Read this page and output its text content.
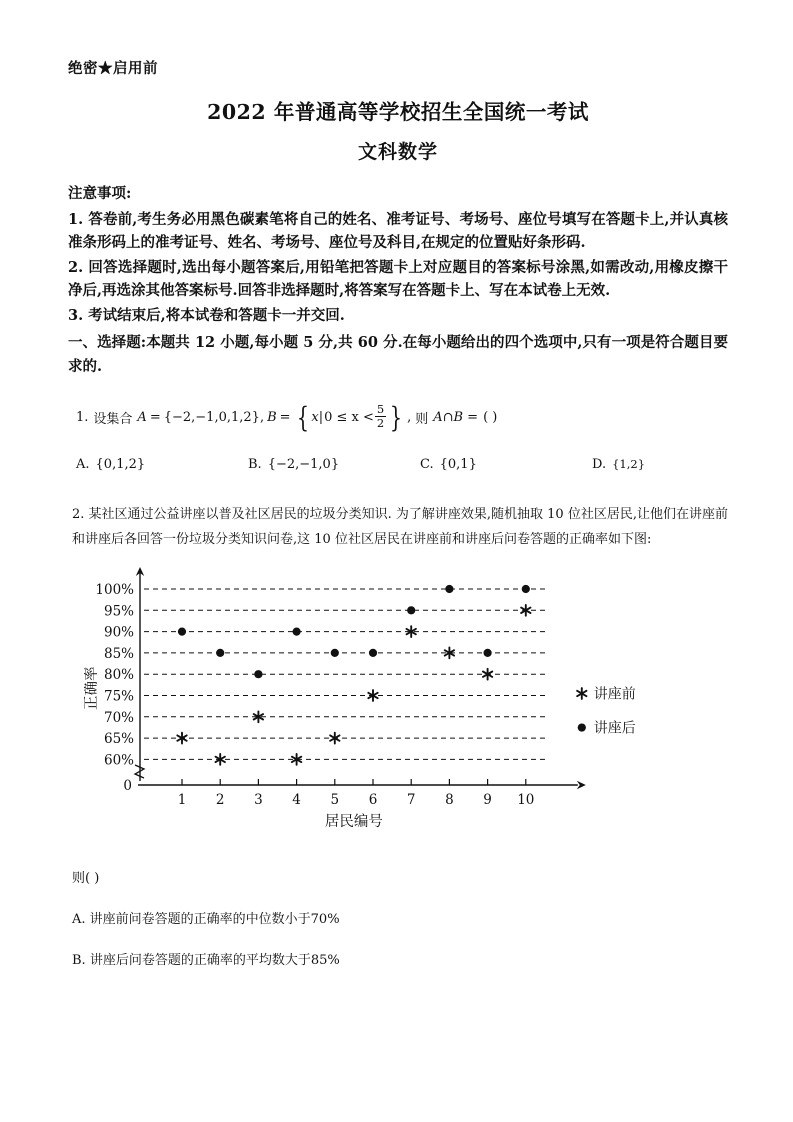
绝密★启用前
2022 年普通高等学校招生全国统一考试
文科数学
注意事项:
1. 答卷前,考生务必用黑色碳素笔将自己的姓名、准考证号、考场号、座位号填写在答题卡上,并认真核准条形码上的准考证号、姓名、考场号、座位号及科目,在规定的位置贴好条形码.
2. 回答选择题时,选出每小题答案后,用铅笔把答题卡上对应题目的答案标号涂黑,如需改动,用橡皮擦干净后,再选涂其他答案标号.回答非选择题时,将答案写在答题卡上、写在本试卷上无效.
3. 考试结束后,将本试卷和答题卡一并交回.
一、选择题:本题共 12 小题,每小题 5 分,共 60 分.在每小题给出的四个选项中,只有一项是符合题目要求的.
1. 设集合 A = {−2,−1,0,1,2} , B = { x | $0 \le x < \frac{5}{2}$ } , 则 A∩B = ( )
A. {0,1,2}	B. {−2,−1,0}	C. {0,1}	D. {1,2}

2. 某社区通过公益讲座以普及社区居民的垃圾分类知识. 为了解讲座效果,随机抽取 10 位社区居民,让他们在讲座前和讲座后各回答一份垃圾分类知识问卷,这 10 位社区居民在讲座前和讲座后问卷答题的正确率如下图:

100%
95%
90%
85%
80%
75%
70%
65%
60%
0
1 2 3 4 5 6 7 8 9 10
居民编号
正确率	讲座前
讲座后
则( )
A. 讲座前问卷答题的正确率的中位数小于70%
B. 讲座后问卷答题的正确率的平均数大于85%
